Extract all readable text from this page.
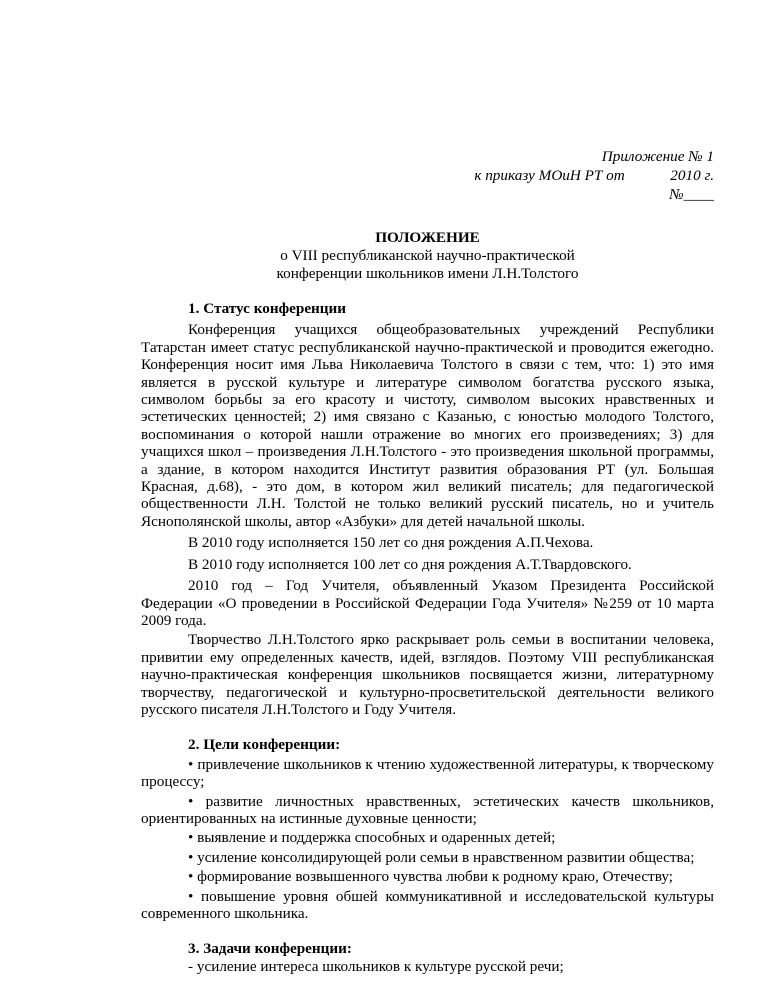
Приложение № 1
к приказу МОиН РТ от            2010 г.
№____
ПОЛОЖЕНИЕ
о VIII республиканской научно-практической
конференции школьников имени Л.Н.Толстого
1. Статус конференции

Конференция учащихся общеобразовательных учреждений Республики Татарстан имеет статус республиканской научно-практической и проводится ежегодно. Конференция носит имя Льва Николаевича Толстого в связи с тем, что: 1) это имя является в русской культуре и литературе символом богатства русского языка, символом борьбы за его красоту и чистоту, символом высоких нравственных и эстетических ценностей; 2) имя связано с Казанью, с юностью молодого Толстого, воспоминания о которой нашли отражение во многих его произведениях; 3) для учащихся школ – произведения Л.Н.Толстого - это произведения школьной программы, а здание, в котором находится Институт развития образования РТ (ул. Большая Красная, д.68), - это дом, в котором жил великий писатель; для педагогической общественности Л.Н. Толстой не только великий русский писатель, но и учитель Яснополянской школы, автор «Азбуки» для детей начальной школы.

В 2010 году исполняется 150 лет со дня рождения А.П.Чехова.

В 2010 году исполняется 100 лет со дня рождения А.Т.Твардовского.

2010 год – Год Учителя, объявленный Указом Президента Российской Федерации «О проведении в Российской Федерации Года Учителя» №259 от 10 марта 2009 года.

Творчество Л.Н.Толстого ярко раскрывает роль семьи в воспитании человека, привитии ему определенных качеств, идей, взглядов. Поэтому VIII республиканская научно-практическая конференция школьников посвящается жизни, литературному творчеству, педагогической и культурно-просветительской деятельности великого русского писателя Л.Н.Толстого и Году Учителя.

2. Цели конференции:

• привлечение школьников к чтению художественной литературы, к творческому процессу;

• развитие личностных нравственных, эстетических качеств школьников, ориентированных на истинные духовные ценности;

• выявление и поддержка способных и одаренных детей;

• усиление консолидирующей роли семьи в нравственном развитии общества;

• формирование возвышенного чувства любви к родному краю, Отечеству;

• повышение уровня обшей коммуникативной и исследовательской культуры современного школьника.

3. Задачи конференции:

- усиление интереса школьников к культуре русской речи;
